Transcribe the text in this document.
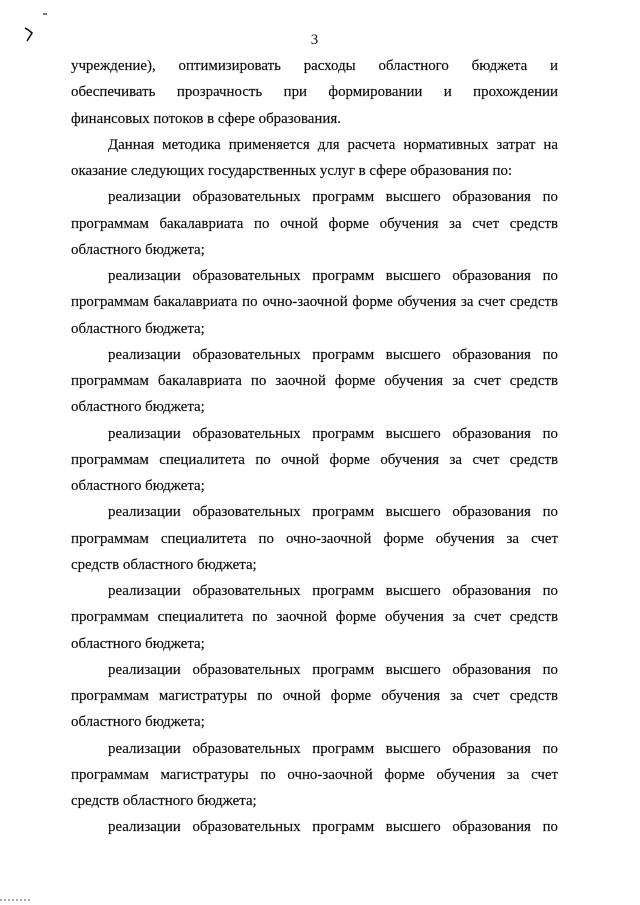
3
учреждение), оптимизировать расходы областного бюджета и
обеспечивать прозрачность при формировании и прохождении
финансовых потоков в сфере образования.
Данная методика применяется для расчета нормативных затрат на
оказание следующих государственных услуг в сфере образования по:
реализации образовательных программ высшего образования по
программам бакалавриата по очной форме обучения за счет средств
областного бюджета;
реализации образовательных программ высшего образования по
программам бакалавриата по очно-заочной форме обучения за счет средств
областного бюджета;
реализации образовательных программ высшего образования по
программам бакалавриата по заочной форме обучения за счет средств
областного бюджета;
реализации образовательных программ высшего образования по
программам специалитета по очной форме обучения за счет средств
областного бюджета;
реализации образовательных программ высшего образования по
программам специалитета по очно-заочной форме обучения за счет
средств областного бюджета;
реализации образовательных программ высшего образования по
программам специалитета по заочной форме обучения за счет средств
областного бюджета;
реализации образовательных программ высшего образования по
программам магистратуры по очной форме обучения за счет средств
областного бюджета;
реализации образовательных программ высшего образования по
программам магистратуры по очно-заочной форме обучения за счет
средств областного бюджета;
реализации образовательных программ высшего образования по
